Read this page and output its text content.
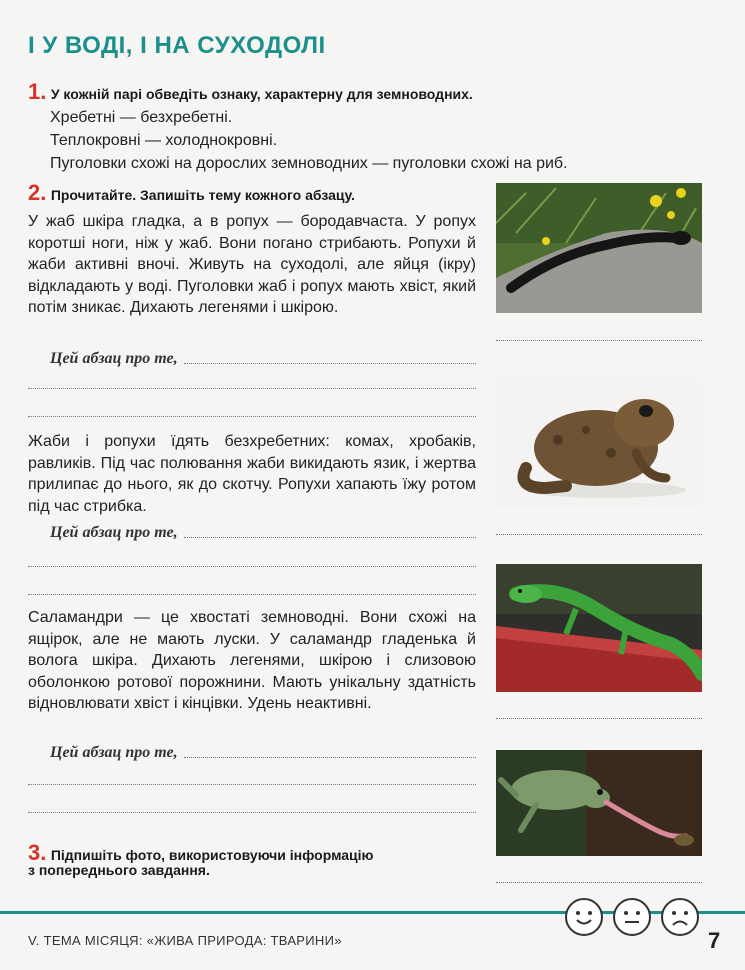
І У ВОДІ, І НА СУХОДОЛІ
1. У кожній парі обведіть ознаку, характерну для земноводних.
Хребетні — безхребетні.
Теплокровні — холоднокровні.
Пуголовки схожі на дорослих земноводних — пуголовки схожі на риб.
2. Прочитайте. Запишіть тему кожного абзацу.
У жаб шкіра гладка, а в ропух — бородавчаста. У ропух коротші ноги, ніж у жаб. Вони погано стрибають. Ропухи й жаби активні вночі. Живуть на суходолі, але яйця (ікру) відкладають у воді. Пуголовки жаб і ропух мають хвіст, який потім зникає. Дихають легенями і шкірою.
Цей абзац про те,
Жаби і ропухи їдять безхребетних: комах, хробаків, равликів. Під час полювання жаби викидають язик, і жертва прилипає до нього, як до скотчу. Ропухи хапають їжу ротом під час стрибка.
Цей абзац про те,
Саламандри — це хвостаті земноводні. Вони схожі на ящірок, але не мають луски. У саламандр гладенька й волога шкіра. Дихають легенями, шкірою і слизовою оболонкою ротової порожнини. Мають унікальну здатність відновлювати хвіст і кінцівки. Удень неактивні.
Цей абзац про те,
3. Підпишіть фото, використовуючи інформацію
з попереднього завдання.
V. ТЕМА МІСЯЦЯ: «ЖИВА ПРИРОДА: ТВАРИНИ»	7
